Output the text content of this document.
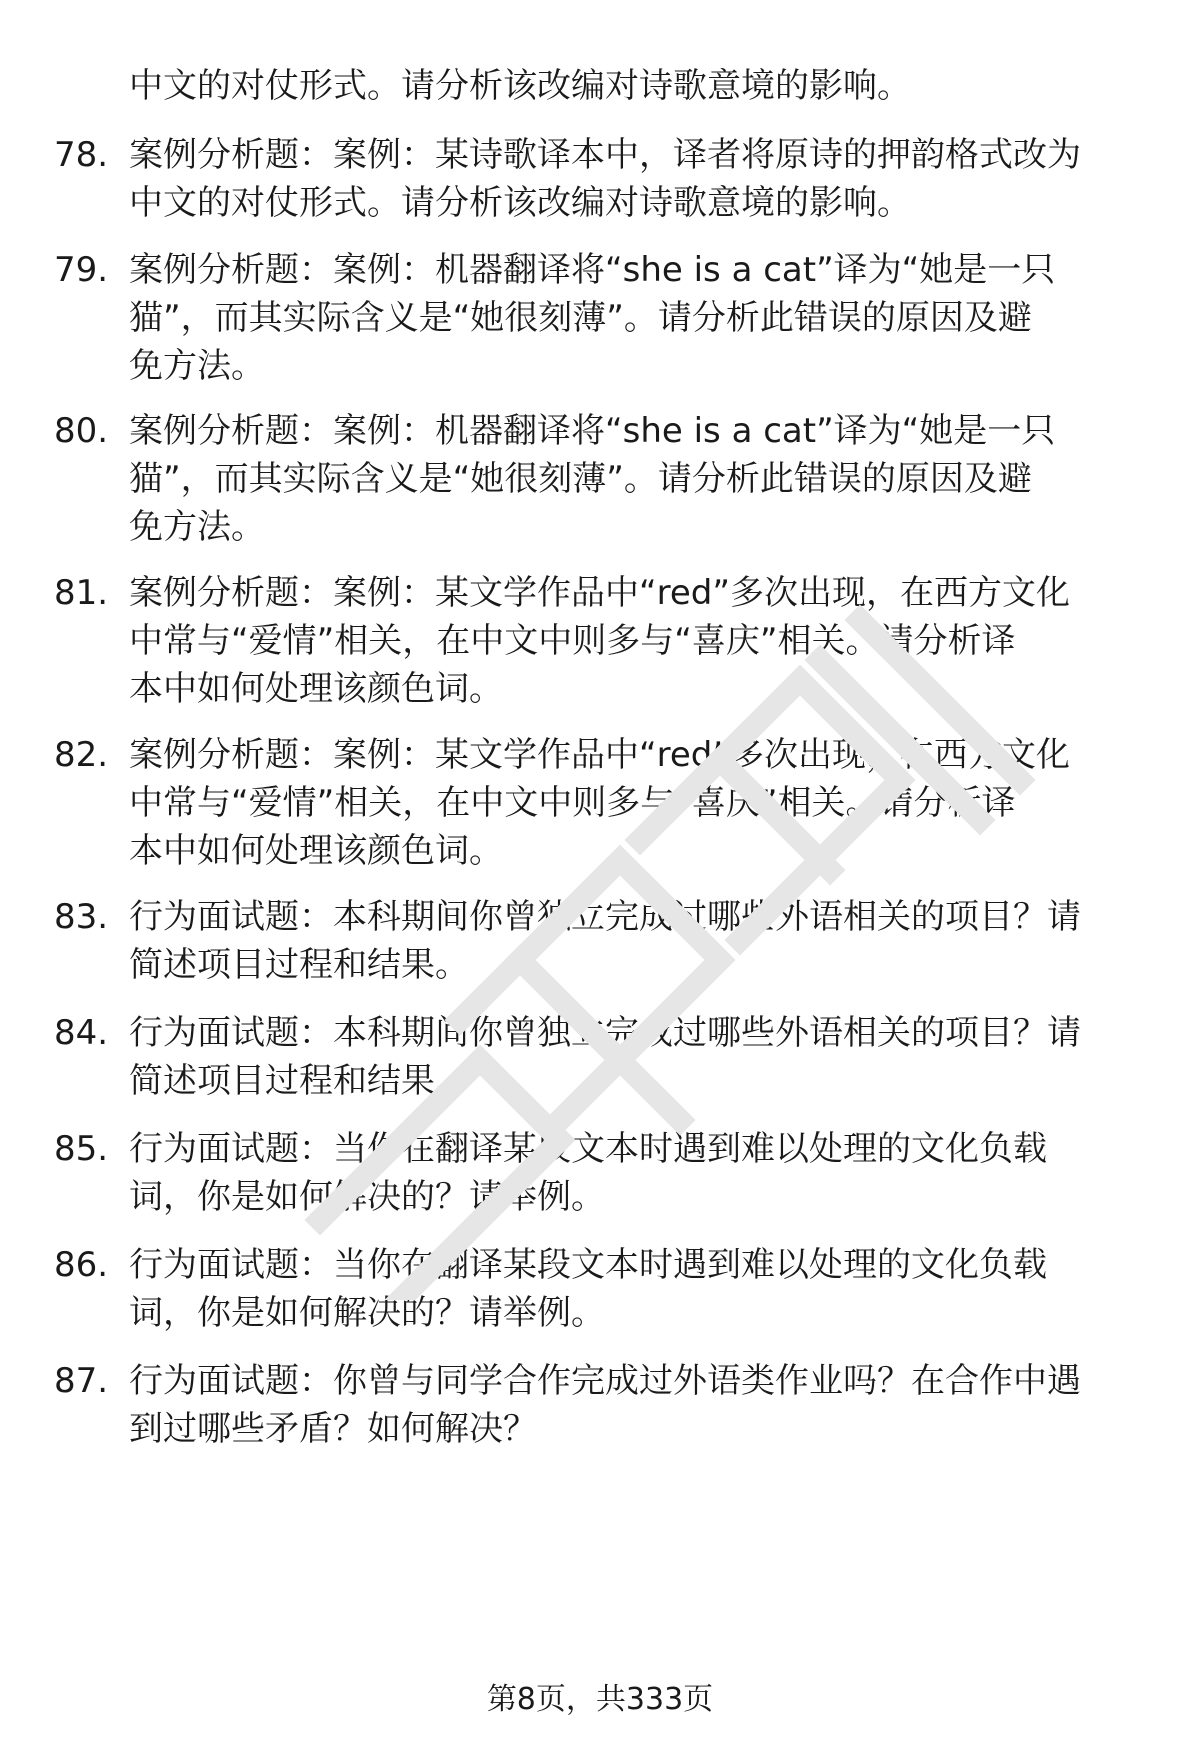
中文的对仗形式。请分析该改编对诗歌意境的影响。
78. 案例分析题：案例：某诗歌译本中，译者将原诗的押韵格式改为
中文的对仗形式。请分析该改编对诗歌意境的影响。
79. 案例分析题：案例：机器翻译将“she is a cat”译为“她是一只
猫”，而其实际含义是“她很刻薄”。请分析此错误的原因及避
免方法。
80. 案例分析题：案例：机器翻译将“she is a cat”译为“她是一只
猫”，而其实际含义是“她很刻薄”。请分析此错误的原因及避
免方法。
81. 案例分析题：案例：某文学作品中“red”多次出现，在西方文化
中常与“爱情”相关，在中文中则多与“喜庆”相关。请分析译
本中如何处理该颜色词。
82. 案例分析题：案例：某文学作品中“red”多次出现，在西方文化
中常与“爱情”相关，在中文中则多与“喜庆”相关。请分析译
本中如何处理该颜色词。
83. 行为面试题：本科期间你曾独立完成过哪些外语相关的项目？请
简述项目过程和结果。
84. 行为面试题：本科期间你曾独立完成过哪些外语相关的项目？请
简述项目过程和结果。
85. 行为面试题：当你在翻译某段文本时遇到难以处理的文化负载
词，你是如何解决的？请举例。
86. 行为面试题：当你在翻译某段文本时遇到难以处理的文化负载
词，你是如何解决的？请举例。
87. 行为面试题：你曾与同学合作完成过外语类作业吗？在合作中遇
到过哪些矛盾？如何解决？
第8页，共333页
